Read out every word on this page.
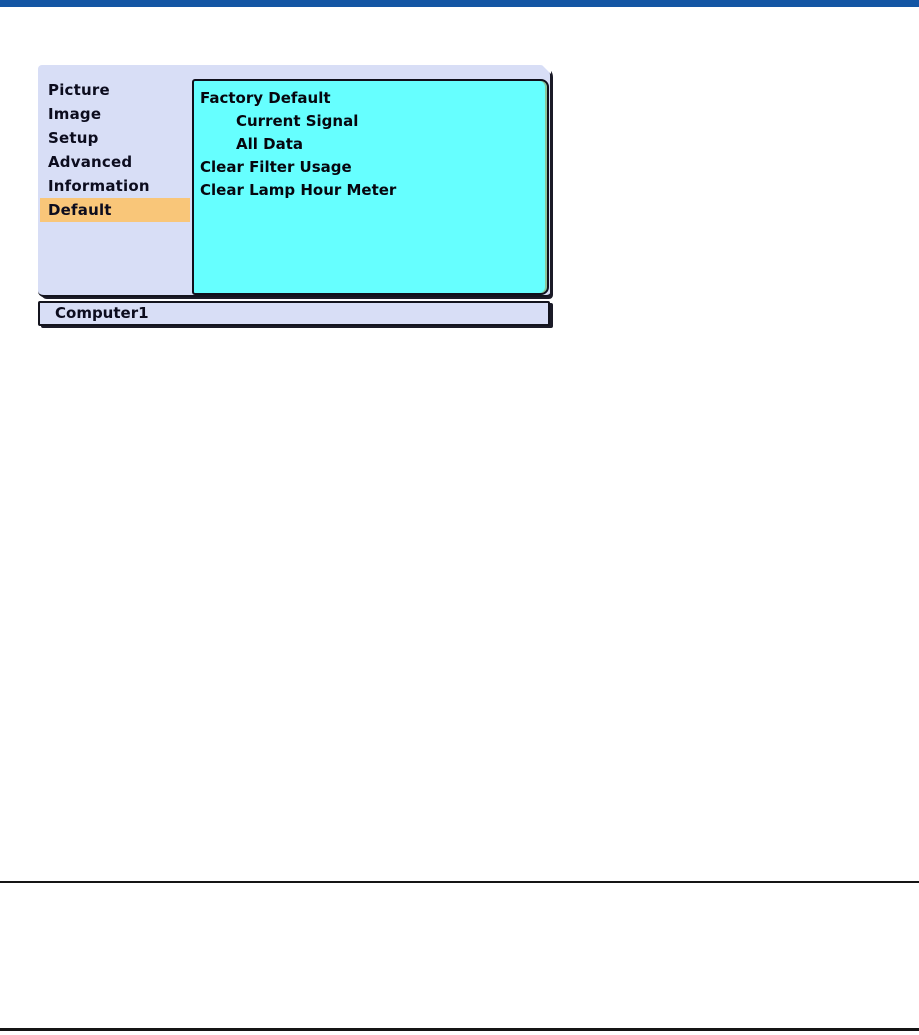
Picture
Image
Setup
Advanced
Information
Default
Factory Default
Current Signal
All Data
Clear Filter Usage
Clear Lamp Hour Meter
Computer1
